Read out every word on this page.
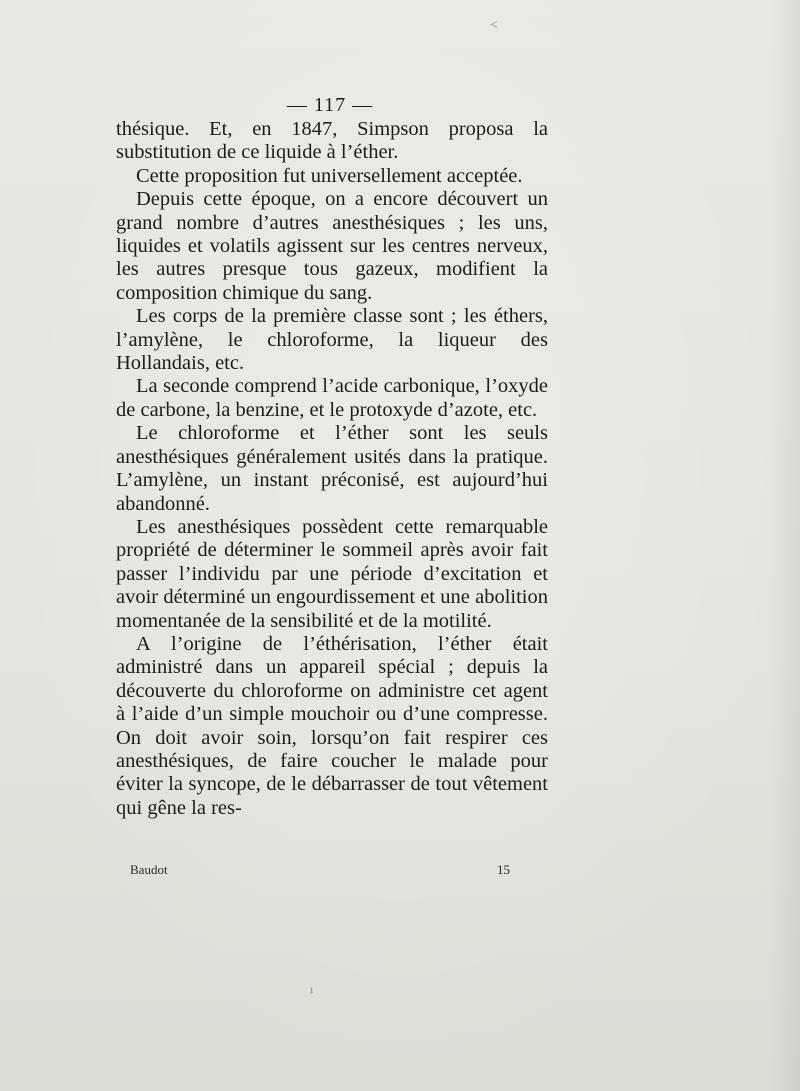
<
— 117 —

thésique. Et, en 1847, Simpson proposa la substitution de ce liquide à l’éther.

Cette proposition fut universellement acceptée.

Depuis cette époque, on a encore découvert un grand nombre d’autres anesthésiques ; les uns, liquides et volatils agissent sur les centres nerveux, les autres presque tous gazeux, modifient la composition chimique du sang.

Les corps de la première classe sont ; les éthers, l’amylène, le chloroforme, la liqueur des Hollandais, etc.

La seconde comprend l’acide carbonique, l’oxyde de carbone, la benzine, et le protoxyde d’azote, etc.

Le chloroforme et l’éther sont les seuls anesthésiques généralement usités dans la pratique. L’amylène, un instant préconisé, est aujourd’hui abandonné.

Les anesthésiques possèdent cette remarquable propriété de déterminer le sommeil après avoir fait passer l’individu par une période d’excitation et avoir déterminé un engourdissement et une abolition momentanée de la sensibilité et de la motilité.

A l’origine de l’éthérisation, l’éther était administré dans un appareil spécial ; depuis la découverte du chloroforme on administre cet agent à l’aide d’un simple mouchoir ou d’une compresse. On doit avoir soin, lorsqu’on fait respirer ces anesthésiques, de faire coucher le malade pour éviter la syncope, de le débarrasser de tout vêtement qui gêne la res-

Baudot	15
ı
